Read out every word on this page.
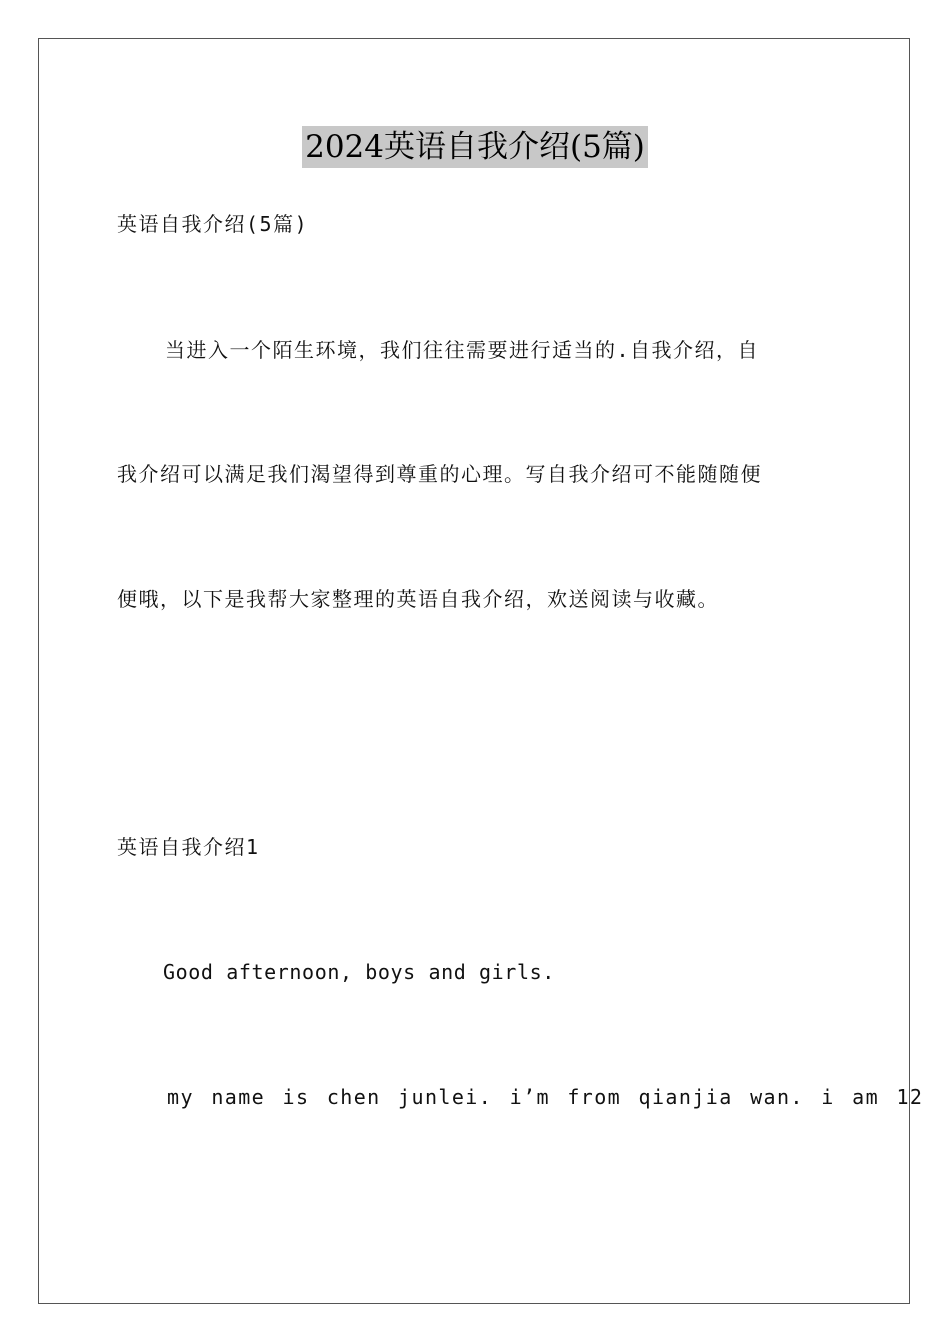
2024英语自我介绍(5篇)
英语自我介绍(5篇)
当进入一个陌生环境，我们往往需要进行适当的.自我介绍，自
我介绍可以满足我们渴望得到尊重的心理。写自我介绍可不能随随便
便哦，以下是我帮大家整理的英语自我介绍，欢送阅读与收藏。
英语自我介绍1
Good afternoon, boys and girls.
my name is chen junlei. i’m from qianjia wan. i am 12
